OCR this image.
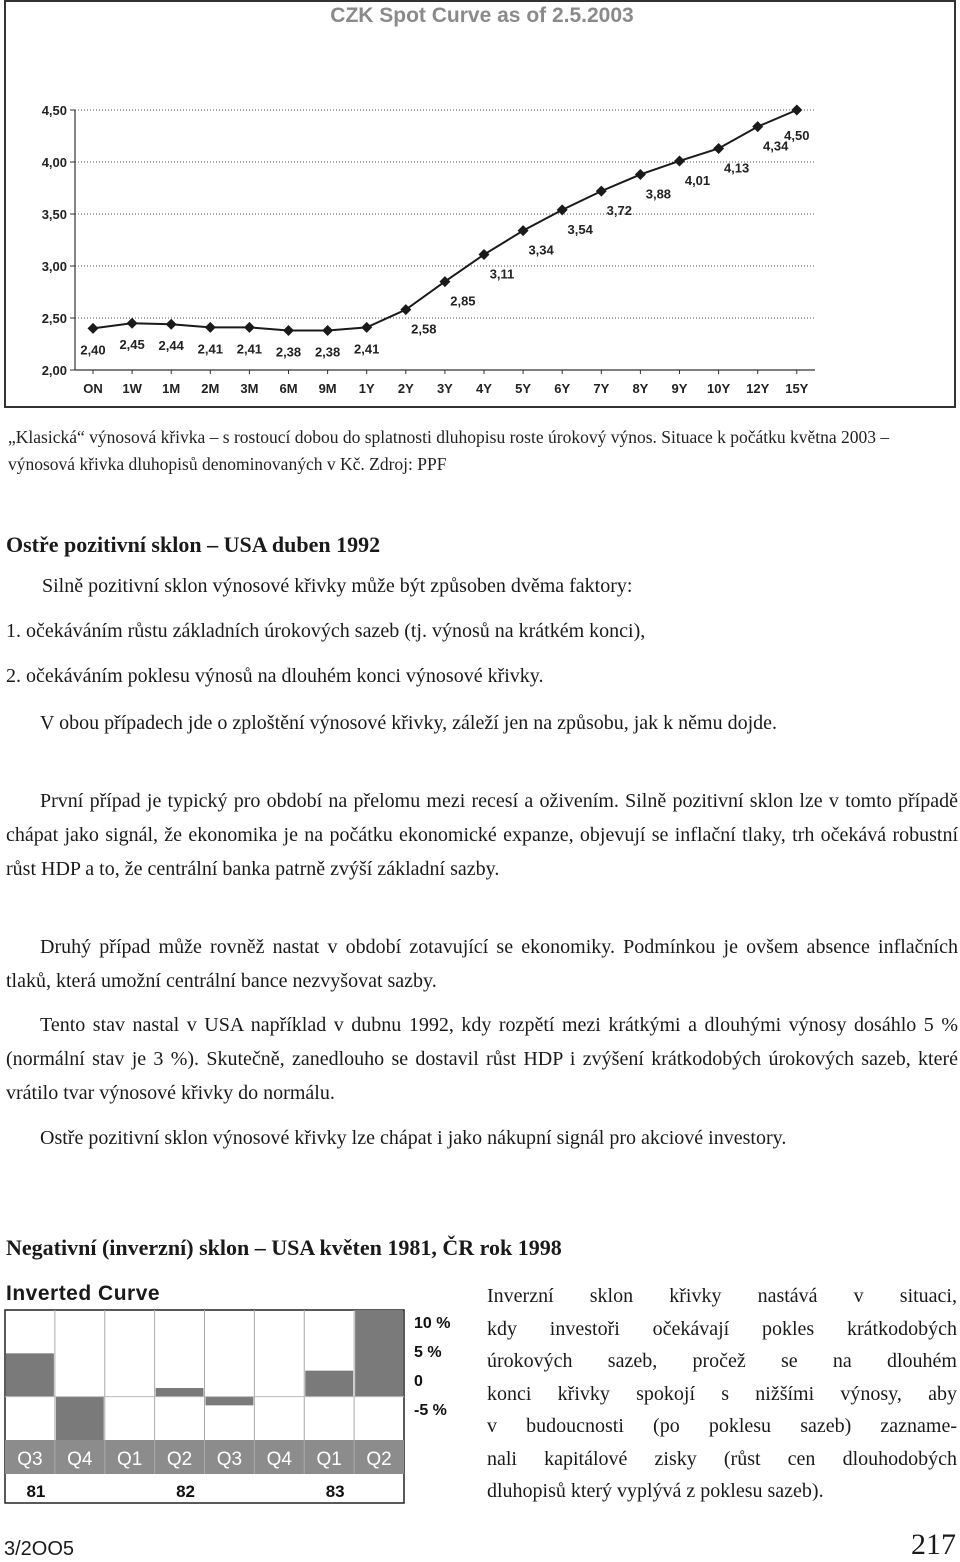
CZK Spot Curve as of 2.5.2003
2,00
2,50
3,00
3,50
4,00
4,50
ON
2,40
1W
2,45
1M
2,44
2M
2,41
3M
2,41
6M
2,38
9M
2,38
1Y
2,41
2Y
2,58
3Y
2,85
4Y
3,11
5Y
3,34
6Y
3,54
7Y
3,72
8Y
3,88
9Y
4,01
10Y
4,13
12Y
4,34
15Y
4,50
„Klasická“ výnosová křivka – s rostoucí dobou do splatnosti dluhopisu roste úrokový výnos. Situace k počátku května 2003 – výnosová křivka dluhopisů denominovaných v Kč. Zdroj: PPF
Ostře pozitivní sklon – USA duben 1992
Silně pozitivní sklon výnosové křivky může být způsoben dvěma faktory:
1. očekáváním růstu základních úrokových sazeb (tj. výnosů na krátkém konci),
2. očekáváním poklesu výnosů na dlouhém konci výnosové křivky.
V obou případech jde o zploštění výnosové křivky, záleží jen na způsobu, jak k němu dojde.
První případ je typický pro období na přelomu mezi recesí a oživením. Silně pozitivní sklon lze v tomto případě chápat jako signál, že ekonomika je na počátku ekonomické expanze, objevují se inflační tlaky, trh očekává robustní růst HDP a to, že centrální banka patrně zvýší základní sazby.
Druhý případ může rovněž nastat v období zotavující se ekonomiky. Podmínkou je ovšem absence inflačních tlaků, která umožní centrální bance nezvyšovat sazby.
Tento stav nastal v USA například v dubnu 1992, kdy rozpětí mezi krátkými a dlouhými výnosy dosáhlo 5 % (normální stav je 3 %). Skutečně, zanedlouho se dostavil růst HDP i zvýšení krátkodobých úrokových sazeb, které vrátilo tvar výnosové křivky do normálu.
Ostře pozitivní sklon výnosové křivky lze chápat i jako nákupní signál pro akciové investory.
Negativní (inverzní) sklon – USA květen 1981, ČR rok 1998
Inverted Curve
Q3 Q4 Q1 Q2 Q3 Q4 Q1 Q2
81	82	83
10 %
5 %
0
-5 %
Inverzní sklon křivky nastává v situaci,
kdy investoři očekávají pokles krátkodobých
úrokových sazeb, pročež se na dlouhém
konci křivky spokojí s nižšími výnosy, aby
v budoucnosti (po poklesu sazeb) zazname-
nali kapitálové zisky (růst cen dlouhodobých
dluhopisů který vyplývá z poklesu sazeb).
3/2OO5	217
